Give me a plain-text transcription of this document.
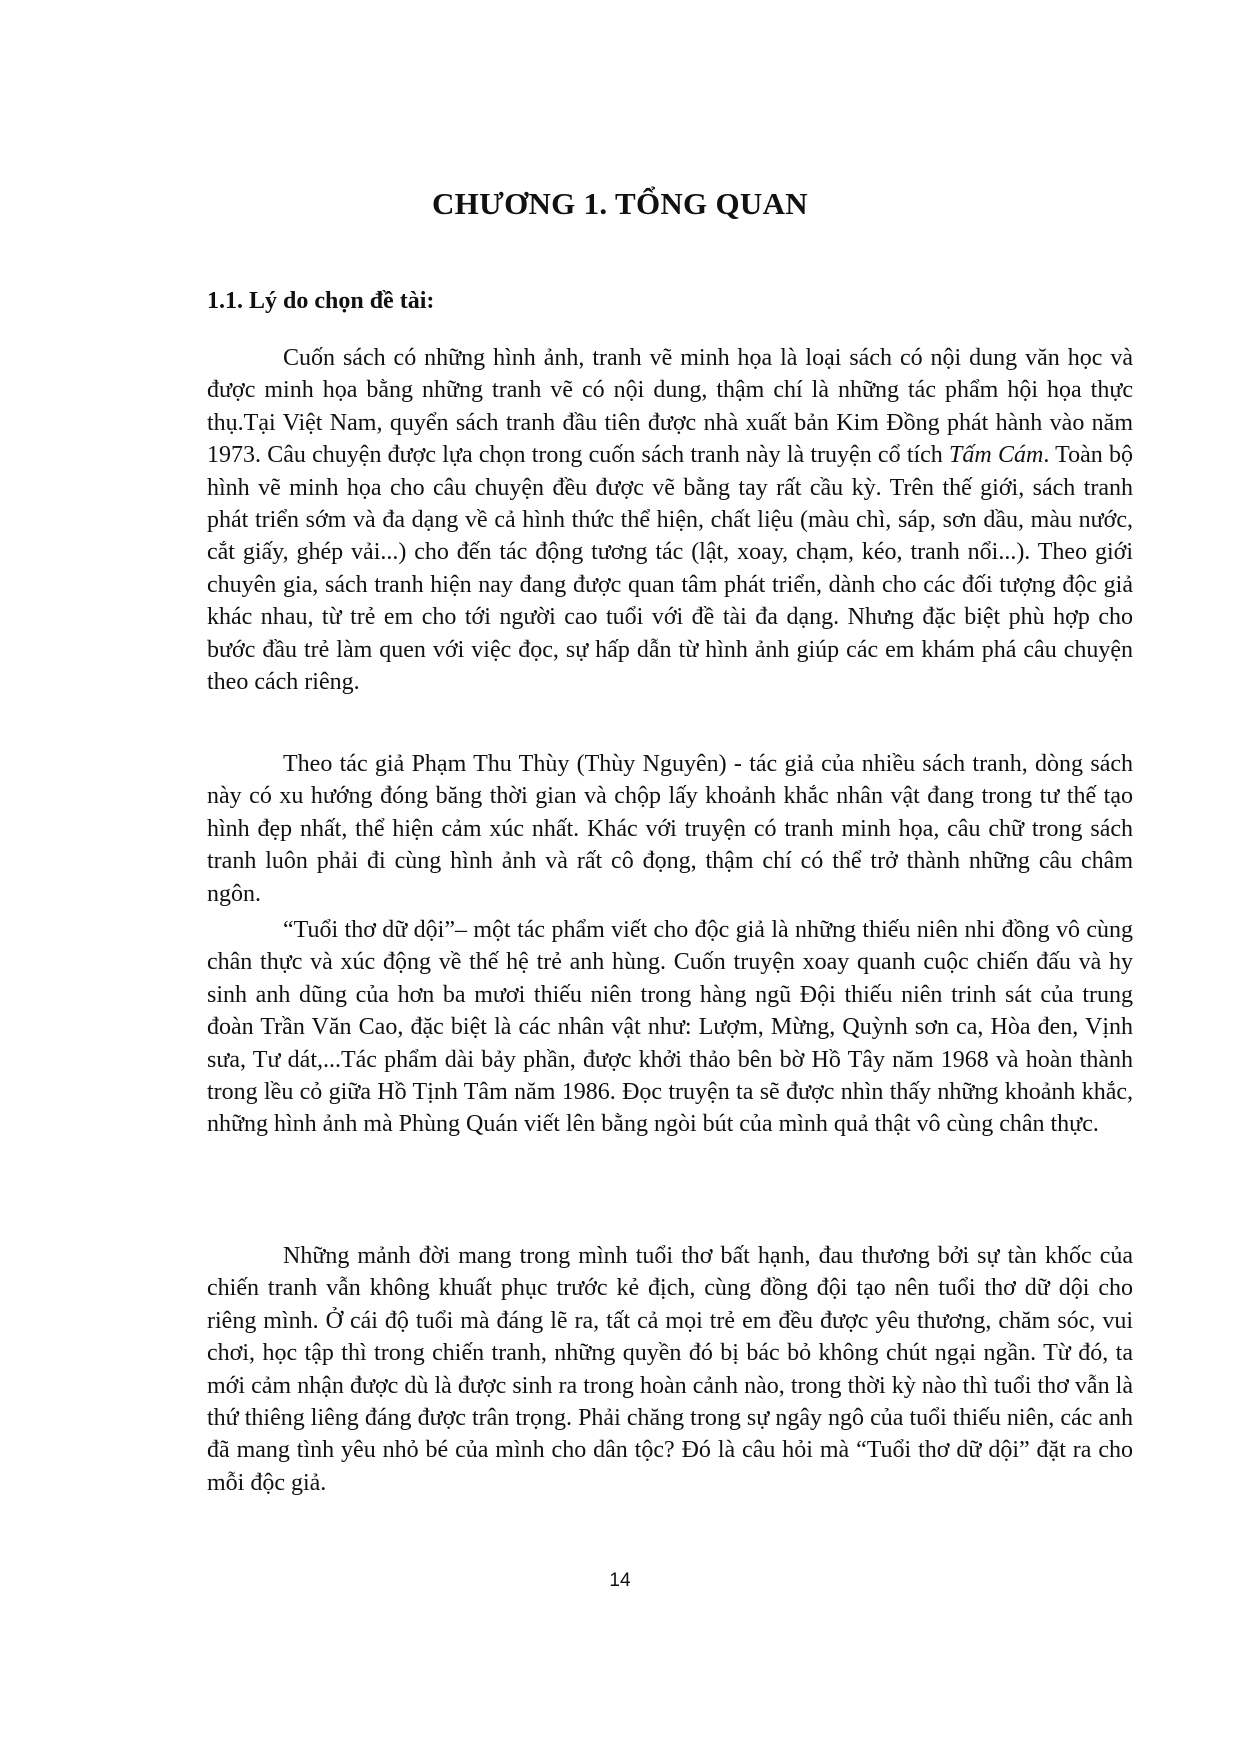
CHƯƠNG 1. TỔNG QUAN
1.1. Lý do chọn đề tài:

Cuốn sách có những hình ảnh, tranh vẽ minh họa là loại sách có nội dung văn học và được minh họa bằng những tranh vẽ có nội dung, thậm chí là những tác phẩm hội họa thực thụ.Tại Việt Nam, quyển sách tranh đầu tiên được nhà xuất bản Kim Đồng phát hành vào năm 1973. Câu chuyện được lựa chọn trong cuốn sách tranh này là truyện cổ tích Tấm Cám. Toàn bộ hình vẽ minh họa cho câu chuyện đều được vẽ bằng tay rất cầu kỳ. Trên thế giới, sách tranh phát triển sớm và đa dạng về cả hình thức thể hiện, chất liệu (màu chì, sáp, sơn dầu, màu nước, cắt giấy, ghép vải...) cho đến tác động tương tác (lật, xoay, chạm, kéo, tranh nổi...). Theo giới chuyên gia, sách tranh hiện nay đang được quan tâm phát triển, dành cho các đối tượng độc giả khác nhau, từ trẻ em cho tới người cao tuổi với đề tài đa dạng. Nhưng đặc biệt phù hợp cho bước đầu trẻ làm quen với việc đọc, sự hấp dẫn từ hình ảnh giúp các em khám phá câu chuyện theo cách riêng.

Theo tác giả Phạm Thu Thùy (Thùy Nguyên) - tác giả của nhiều sách tranh, dòng sách này có xu hướng đóng băng thời gian và chộp lấy khoảnh khắc nhân vật đang trong tư thế tạo hình đẹp nhất, thể hiện cảm xúc nhất. Khác với truyện có tranh minh họa, câu chữ trong sách tranh luôn phải đi cùng hình ảnh và rất cô đọng, thậm chí có thể trở thành những câu châm ngôn.

“Tuổi thơ dữ dội”– một tác phẩm viết cho độc giả là những thiếu niên nhi đồng vô cùng chân thực và xúc động về thế hệ trẻ anh hùng. Cuốn truyện xoay quanh cuộc chiến đấu và hy sinh anh dũng của hơn ba mươi thiếu niên trong hàng ngũ Đội thiếu niên trinh sát của trung đoàn Trần Văn Cao, đặc biệt là các nhân vật như: Lượm, Mừng, Quỳnh sơn ca, Hòa đen, Vịnh sưa, Tư dát,...Tác phẩm dài bảy phần, được khởi thảo bên bờ Hồ Tây năm 1968 và hoàn thành trong lều cỏ giữa Hồ Tịnh Tâm năm 1986. Đọc truyện ta sẽ được nhìn thấy những khoảnh khắc, những hình ảnh mà Phùng Quán viết lên bằng ngòi bút của mình quả thật vô cùng chân thực.

Những mảnh đời mang trong mình tuổi thơ bất hạnh, đau thương bởi sự tàn khốc của chiến tranh vẫn không khuất phục trước kẻ địch, cùng đồng đội tạo nên tuổi thơ dữ dội cho riêng mình. Ở cái độ tuổi mà đáng lẽ ra, tất cả mọi trẻ em đều được yêu thương, chăm sóc, vui chơi, học tập thì trong chiến tranh, những quyền đó bị bác bỏ không chút ngại ngần. Từ đó, ta mới cảm nhận được dù là được sinh ra trong hoàn cảnh nào, trong thời kỳ nào thì tuổi thơ vẫn là thứ thiêng liêng đáng được trân trọng. Phải chăng trong sự ngây ngô của tuổi thiếu niên, các anh đã mang tình yêu nhỏ bé của mình cho dân tộc? Đó là câu hỏi mà “Tuổi thơ dữ dội” đặt ra cho mỗi độc giả.

14
